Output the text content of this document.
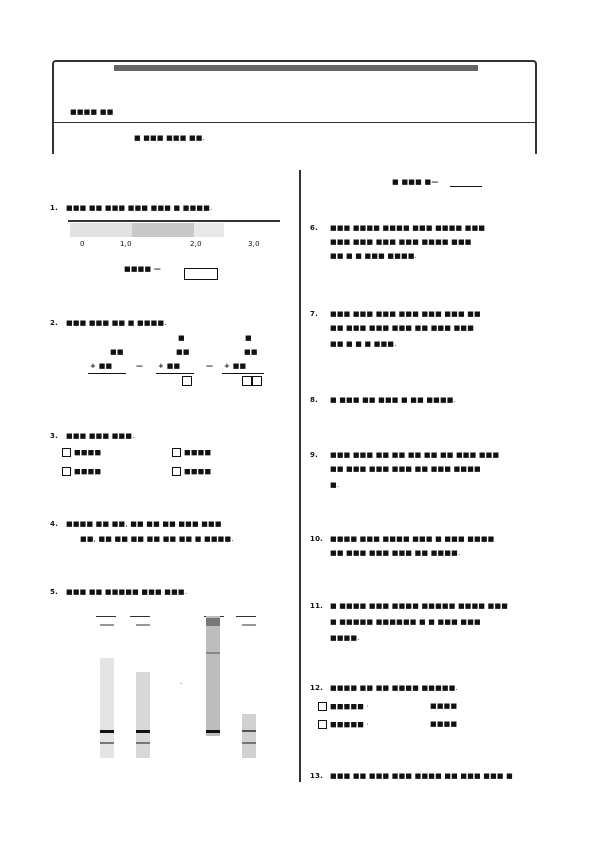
■■■■ ■■
■ ■■■ ■■■ ■■.
1. ■■■ ■■ ■■■ ■■■ ■■■ ■ ■■■■.
0	1,0	2,0	3,0
■■■■ —
2. ■■■ ■■■ ■■ ■ ■■■■.
■	■
■■	■■	■■
+ ■■	— + ■■	— + ■■
3. ■■■ ■■■ ■■■.
■■■■	■■■■
■■■■	■■■■
4. ■■■■ ■■ ■■, ■■ ■■ ■■ ■■■ ■■■
■■, ■■ ■■ ■■ ■■ ■■ ■■ ■ ■■■■.
5. ■■■ ■■ ■■■■■ ■■■ ■■■.
·
■ ■■■ ■—
6. ■■■ ■■■■ ■■■■ ■■■ ■■■■ ■■■
■■■ ■■■ ■■■ ■■■ ■■■■ ■■■
■■ ■ ■ ■■■ ■■■■.
7. ■■■ ■■■ ■■■ ■■■ ■■■ ■■■ ■■
■■ ■■■ ■■■ ■■■ ■■ ■■■ ■■■
■■ ■ ■ ■ ■■■.
8. ■ ■■■ ■■ ■■■ ■ ■■ ■■■■.
9. ■■■ ■■■ ■■ ■■ ■■ ■■ ■■ ■■■ ■■■
■■ ■■■ ■■■ ■■■ ■■ ■■■ ■■■■
■.
10. ■■■■ ■■■ ■■■■ ■■■ ■ ■■■ ■■■■
■■ ■■■ ■■■ ■■■ ■■ ■■■■.
11. ■ ■■■■ ■■■ ■■■■ ■■■■■ ■■■■ ■■■
■ ■■■■■ ■■■■■■ ■ ■ ■■■ ■■■
■■■■.
12. ■■■■ ■■ ■■ ■■■■ ■■■■■.
■■■■■ ·	■■■■
■■■■■ ·	■■■■
13. ■■■ ■■ ■■■ ■■■ ■■■■ ■■ ■■■ ■■■ ■
